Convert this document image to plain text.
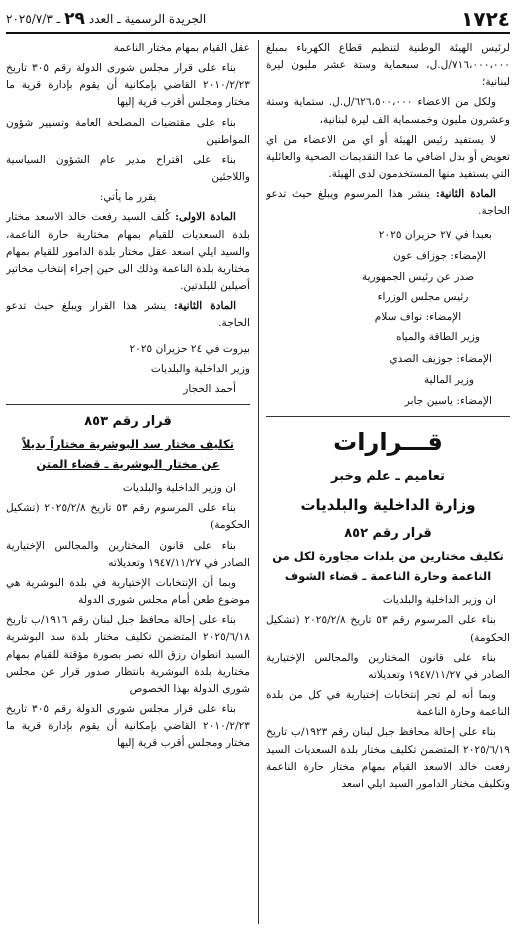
١٧٢٤
الجريدة الرسمية ـ العدد
٢٩
ـ ٢٠٢٥/٧/٣

لرئيس الهيئة الوطنية لتنظيم قطاع الكهرباء بمبلغ ٧١٦،٠٠٠،٠٠٠/ل.ل، سبعماية وستة عشر مليون ليرة لبنانية؛

ولكل من الاعضاء ٦٢٦،٥٠٠،٠٠٠/ل.ل. ستماية وستة وعشرون مليون وخمسماية الف ليرة لبنانية،

لا يستفيد رئيس الهيئة أو اي من الاعضاء من اي تعويض أو بدل اضافي ما عدا التقديمات الصحية والعائلية التي يستفيد منها المستخدمون لدى الهيئة.

المادة الثانية: ينشر هذا المرسوم ويبلغ حيث تدعو الحاجة.

بعبدا في ٢٧ حزيران ٢٠٢٥

الإمضاء: جوزاف عون

صدر عن رئيس الجمهورية

رئيس مجلس الوزراء

الإمضاء: نواف سلام

وزير الطاقة والمياه

الإمضاء: جوزيف الصدي

وزير المالية

الإمضاء: ياسين جابر

قـــرارات
تعاميم ـ علم وخبر
وزارة الداخلية والبلديات
قرار رقم ٨٥٢
تكليف مختارين من بلدات مجاورة لكل من
الناعمة وحارة الناعمة ـ قضاء الشوف

ان وزير الداخلية والبلديات

بناء على المرسوم رقم ٥٣ تاريخ ٢٠٢٥/٢/٨ (تشكيل الحكومة)

بناء على قانون المختارين والمجالس الإختيارية الصادر في ١٩٤٧/١١/٢٧ وتعديلاته

وبما أنه لم تجر إنتخابات إختيارية في كل من بلدة الناعمة وحارة الناعمة

بناء على إحالة محافظ جبل لبنان رقم ١٩٢٣/ب تاريخ ٢٠٢٥/٦/١٩ المتضمن تكليف مختار بلدة السعديات السيد رفعت خالد الاسعد القيام بمهام مختار حارة الناعمة وتكليف مختار الدامور السيد ايلي اسعد

عقل القيام بمهام مختار الناعمة

بناء على قرار مجلس شورى الدولة رقم ٣٠٥ تاريخ ٢٠١٠/٢/٢٣ القاضي بإمكانية أن يقوم بإدارة قرية ما مختار ومجلس أقرب قرية إليها

بناء على مقتضيات المصلحة العامة وتسيير شؤون المواطنين

بناء على اقتراح مدير عام الشؤون السياسية واللاجئين

يقرر ما يأتي:

المادة الاولى: كُلف السيد رفعت خالد الاسعد مختار بلدة السعديات للقيام بمهام مختارية حارة الناعمة، والسيد ايلي اسعد عقل مختار بلدة الدامور للقيام بمهام مختارية بلدة الناعمة وذلك الى حين إجراء إنتخاب مخاتير أصيلين للبلدتين.

المادة الثانية: ينشر هذا القرار ويبلغ حيث تدعو الحاجة.

بيروت في ٢٤ حزيران ٢٠٢٥

وزير الداخلية والبلديات

أحمد الحجار

قرار رقم ٨٥٣
تكليف مختار سد البوشرية مختاراً بديلاً
عن مختار البوشرية ـ قضاء المتن

ان وزير الداخلية والبلديات

بناء على المرسوم رقم ٥٣ تاريخ ٢٠٢٥/٢/٨ (تشكيل الحكومة)

بناء على قانون المختارين والمجالس الإختيارية الصادر في ١٩٤٧/١١/٢٧ وتعديلاته

وبما أن الإنتخابات الإختيارية في بلدة البوشرية هي موضوع طعن أمام مجلس شورى الدولة

بناء على إحالة محافظ جبل لبنان رقم ١٩١٦/ب تاريخ ٢٠٢٥/٦/١٨ المتضمن تكليف مختار بلدة سد البوشرية السيد انطوان رزق الله نصر بصورة مؤقتة للقيام بمهام مختارية بلدة البوشرية بانتظار صدور قرار عن مجلس شورى الدولة بهذا الخصوص

بناء على قرار مجلس شورى الدولة رقم ٣٠٥ تاريخ ٢٠١٠/٢/٢٣ القاضي بإمكانية أن يقوم بإدارة قرية ما مختار ومجلس أقرب قرية إليها
